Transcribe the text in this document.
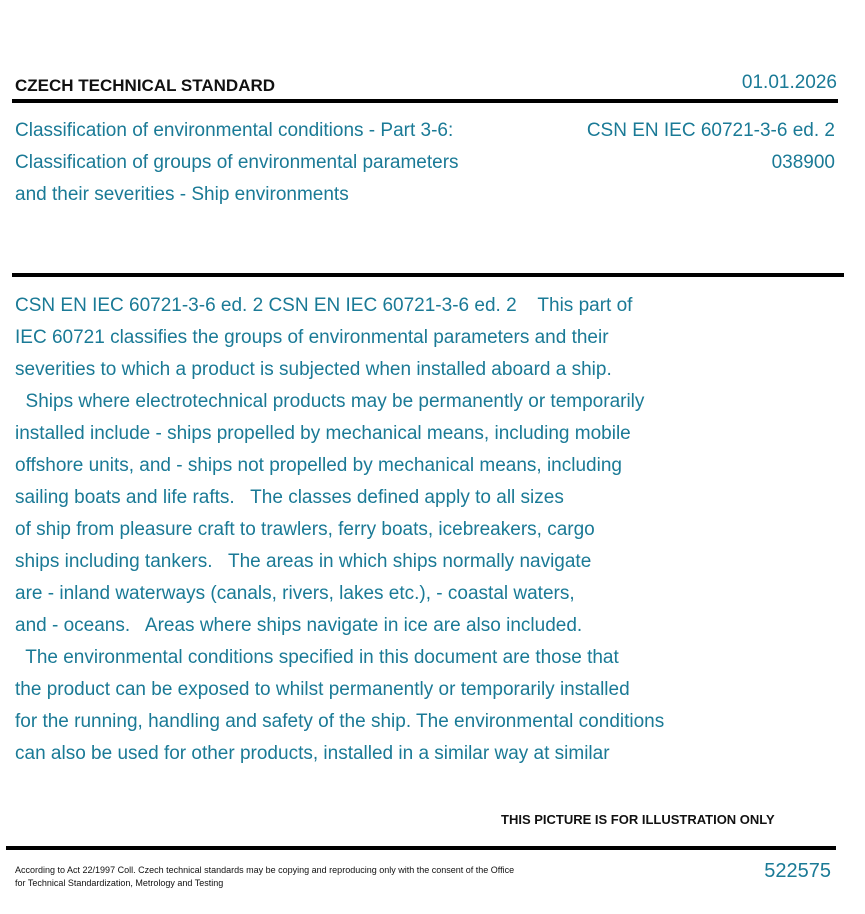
CZECH TECHNICAL STANDARD	01.01.2026
Classification of environmental conditions - Part 3-6:
Classification of groups of environmental parameters
and their severities - Ship environments
CSN EN IEC 60721-3-6 ed. 2
038900
CSN EN IEC 60721-3-6 ed. 2 CSN EN IEC 60721-3-6 ed. 2    This part of
IEC 60721 classifies the groups of environmental parameters and their
severities to which a product is subjected when installed aboard a ship.
Ships where electrotechnical products may be permanently or temporarily
installed include - ships propelled by mechanical means, including mobile
offshore units, and - ships not propelled by mechanical means, including
sailing boats and life rafts.   The classes defined apply to all sizes
of ship from pleasure craft to trawlers, ferry boats, icebreakers, cargo
ships including tankers.   The areas in which ships normally navigate
are - inland waterways (canals, rivers, lakes etc.), - coastal waters,
and - oceans.   Areas where ships navigate in ice are also included.
The environmental conditions specified in this document are those that
the product can be exposed to whilst permanently or temporarily installed
for the running, handling and safety of the ship. The environmental conditions
can also be used for other products, installed in a similar way at similar
THIS PICTURE IS FOR ILLUSTRATION ONLY
According to Act 22/1997 Coll. Czech technical standards may be copying and reproducing only with the consent of the Office
for Technical Standardization, Metrology and Testing
522575
